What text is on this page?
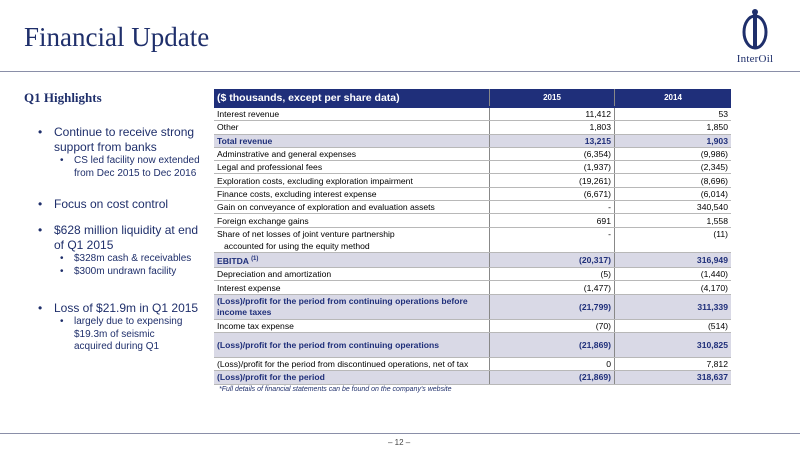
Financial Update
InterOil
Q1 Highlights
• Continue to receive strong support from banks
• CS led facility now extended from Dec 2015 to Dec 2016
• Focus on cost control
• $628 million liquidity at end of Q1 2015
• $328m cash & receivables
• $300m undrawn facility
• Loss of $21.9m in Q1 2015
• largely due to expensing
$19.3m of seismic
acquired during Q1
($ thousands, except per share data)	2015	2014
Interest revenue	11,412	53
Other	1,803	1,850
Total revenue	13,215	1,903
Adminstrative and general expenses	(6,354)	(9,986)
Legal and professional fees	(1,937)	(2,345)
Exploration costs, excluding exploration impairment	(19,261)	(8,696)
Finance costs, excluding interest expense	(6,671)	(6,014)
Gain on conveyance of exploration and evaluation assets	-	340,540
Foreign exchange gains	691	1,558
Share of net losses of joint venture partnership	-	(11)
accounted for using the equity method		
EBITDA $^{(1)}$	(20,317)	316,949
Depreciation and amortization	(5)	(1,440)
Interest expense	(1,477)	(4,170)

(Loss)/profit for the period from continuing operations before
income taxes	(21,799)	311,339
Income tax expense	(70)	(514)
(Loss)/profit for the period from continuing operations	(21,869)	310,825
(Loss)/profit for the period from discontinued operations, net of tax	0	7,812
(Loss)/profit for the period	(21,869)	318,637
*Full details of financial statements can be found on the company's website
– 12 –
